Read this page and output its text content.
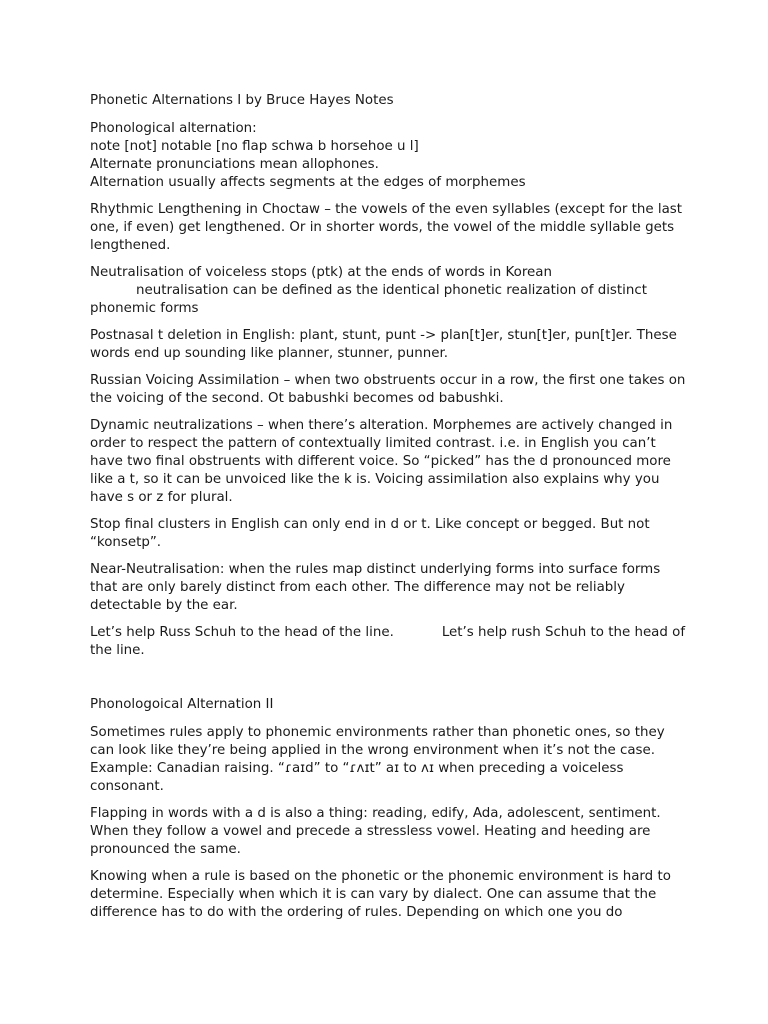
Phonetic Alternations I by Bruce Hayes Notes

Phonological alternation:
note [not] notable [no flap schwa b horsehoe u l]
Alternate pronunciations mean allophones.
Alternation usually affects segments at the edges of morphemes

Rhythmic Lengthening in Choctaw – the vowels of the even syllables (except for the last one, if even) get lengthened. Or in shorter words, the vowel of the middle syllable gets lengthened.

Neutralisation of voiceless stops (ptk) at the ends of words in Korean
neutralisation can be defined as the identical phonetic realization of distinct phonemic forms

Postnasal t deletion in English: plant, stunt, punt -> plan[t]er, stun[t]er, pun[t]er. These words end up sounding like planner, stunner, punner.

Russian Voicing Assimilation – when two obstruents occur in a row, the first one takes on the voicing of the second. Ot babushki becomes od babushki.

Dynamic neutralizations – when there’s alteration. Morphemes are actively changed in order to respect the pattern of contextually limited contrast. i.e. in English you can’t have two final obstruents with different voice. So “picked” has the d pronounced more like a t, so it can be unvoiced like the k is. Voicing assimilation also explains why you have s or z for plural.

Stop final clusters in English can only end in d or t. Like concept or begged. But not “konsetp”.

Near-Neutralisation: when the rules map distinct underlying forms into surface forms that are only barely distinct from each other. The difference may not be reliably detectable by the ear.

Let’s help Russ Schuh to the head of the line.	Let’s help rush Schuh to the head of the line.

Phonologoical Alternation II

Sometimes rules apply to phonemic environments rather than phonetic ones, so they can look like they’re being applied in the wrong environment when it’s not the case. Example: Canadian raising. “ɾaɪd” to “ɾʌɪt” aɪ to ʌɪ when preceding a voiceless consonant.

Flapping in words with a d is also a thing: reading, edify, Ada, adolescent, sentiment. When they follow a vowel and precede a stressless vowel. Heating and heeding are pronounced the same.

Knowing when a rule is based on the phonetic or the phonemic environment is hard to determine. Especially when which it is can vary by dialect. One can assume that the difference has to do with the ordering of rules. Depending on which one you do
